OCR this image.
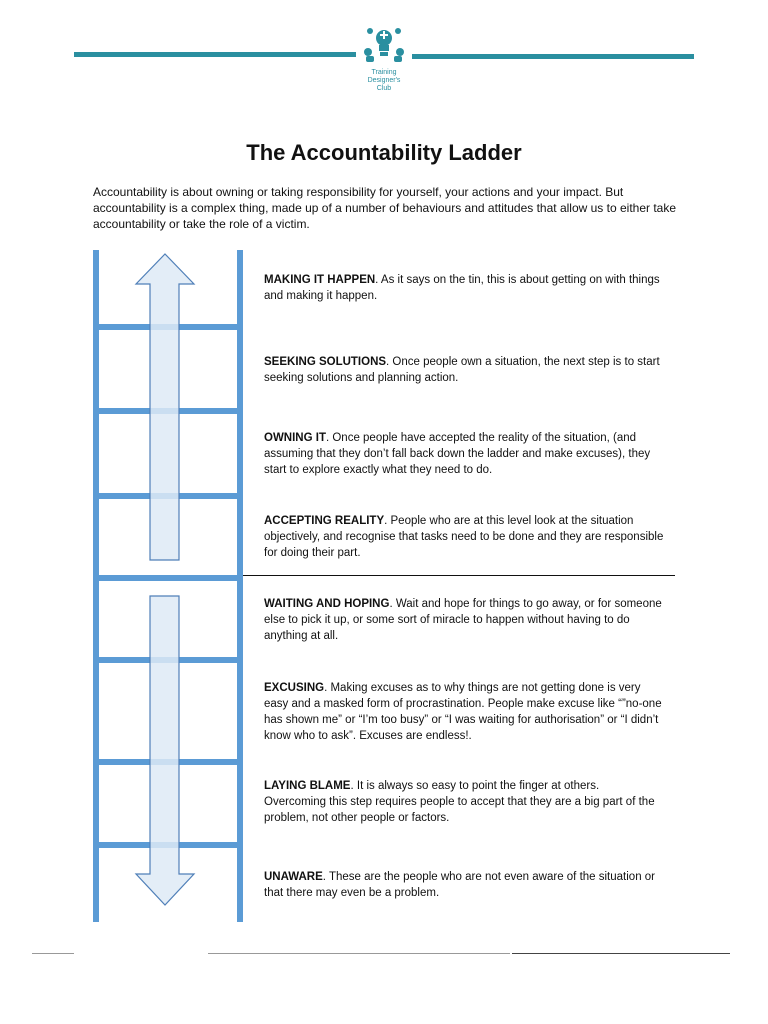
Training
Designer's
Club
The Accountability Ladder

Accountability is about owning or taking responsibility for yourself, your actions and your impact. But accountability is a complex thing, made up of a number of behaviours and attitudes that allow us to either take accountability or take the role of a victim.

MAKING IT HAPPEN. As it says on the tin, this is about getting on with things and making it happen.

SEEKING SOLUTIONS. Once people own a situation, the next step is to start seeking solutions and planning action.

OWNING IT. Once people have accepted the reality of the situation, (and assuming that they don’t fall back down the ladder and make excuses), they start to explore exactly what they need to do.

ACCEPTING REALITY. People who are at this level look at the situation objectively, and recognise that tasks need to be done and they are responsible for doing their part.

WAITING AND HOPING. Wait and hope for things to go away, or for someone else to pick it up, or some sort of miracle to happen without having to do anything at all.

EXCUSING. Making excuses as to why things are not getting done is very easy and a masked form of procrastination. People make excuse like “”no-one has shown me” or “I’m too busy” or “I was waiting for authorisation” or “I didn’t know who to ask”. Excuses are endless!.

LAYING BLAME. It is always so easy to point the finger at others. Overcoming this step requires people to accept that they are a big part of the problem, not other people or factors.

UNAWARE. These are the people who are not even aware of the situation or that there may even be a problem.
